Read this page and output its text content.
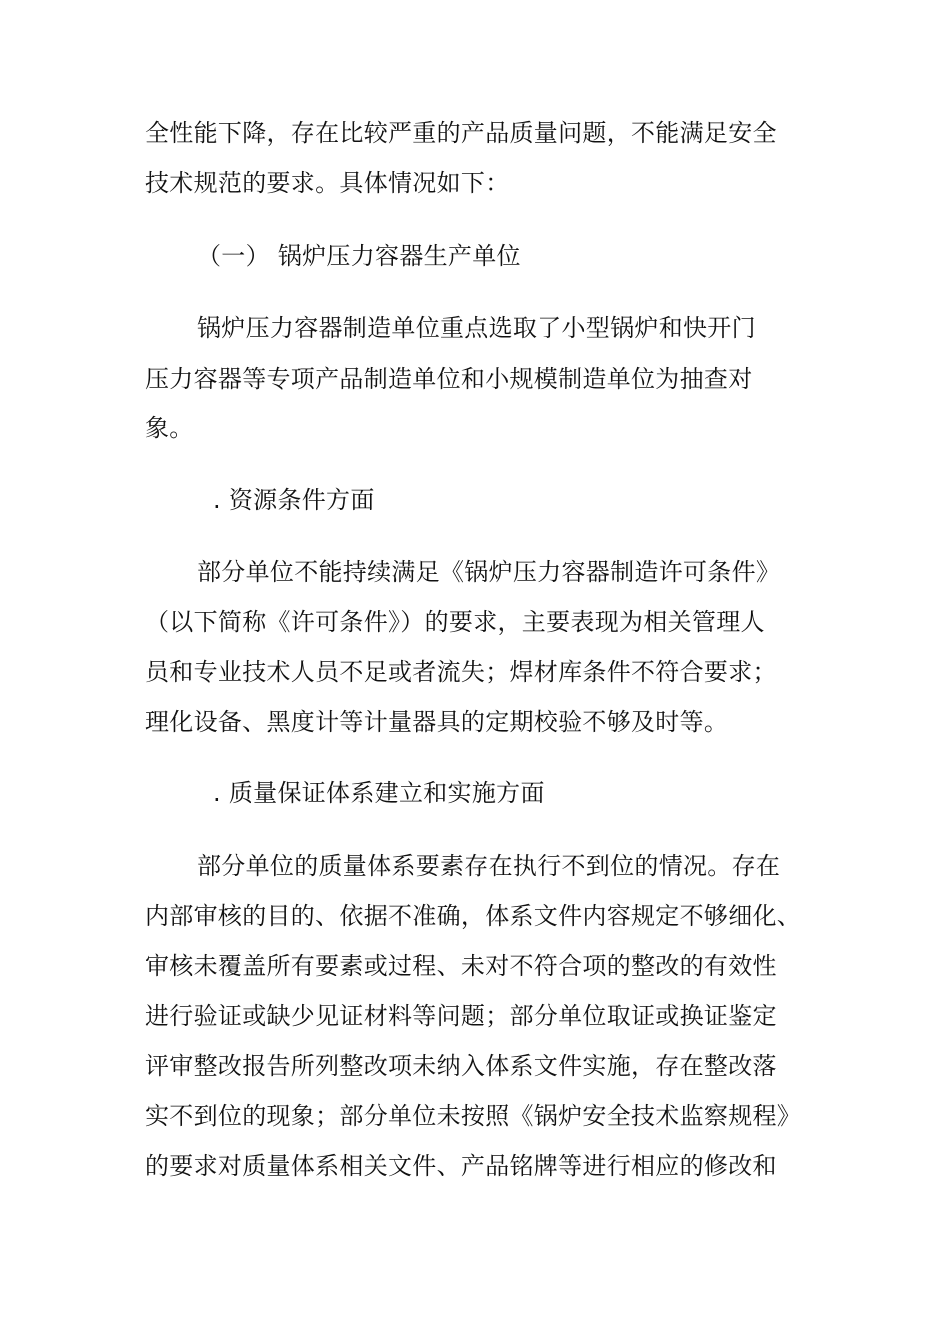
全性能下降，存在比较严重的产品质量问题，不能满足安全
技术规范的要求。具体情况如下：
（一） 锅炉压力容器生产单位
锅炉压力容器制造单位重点选取了小型锅炉和快开门
压力容器等专项产品制造单位和小规模制造单位为抽查对
象。
. 资源条件方面
部分单位不能持续满足《锅炉压力容器制造许可条件》
（以下简称《许可条件》）的要求，主要表现为相关管理人
员和专业技术人员不足或者流失；焊材库条件不符合要求；
理化设备、黑度计等计量器具的定期校验不够及时等。
. 质量保证体系建立和实施方面
部分单位的质量体系要素存在执行不到位的情况。存在
内部审核的目的、依据不准确，体系文件内容规定不够细化、
审核未覆盖所有要素或过程、未对不符合项的整改的有效性
进行验证或缺少见证材料等问题；部分单位取证或换证鉴定
评审整改报告所列整改项未纳入体系文件实施，存在整改落
实不到位的现象；部分单位未按照《锅炉安全技术监察规程》
的要求对质量体系相关文件、产品铭牌等进行相应的修改和
